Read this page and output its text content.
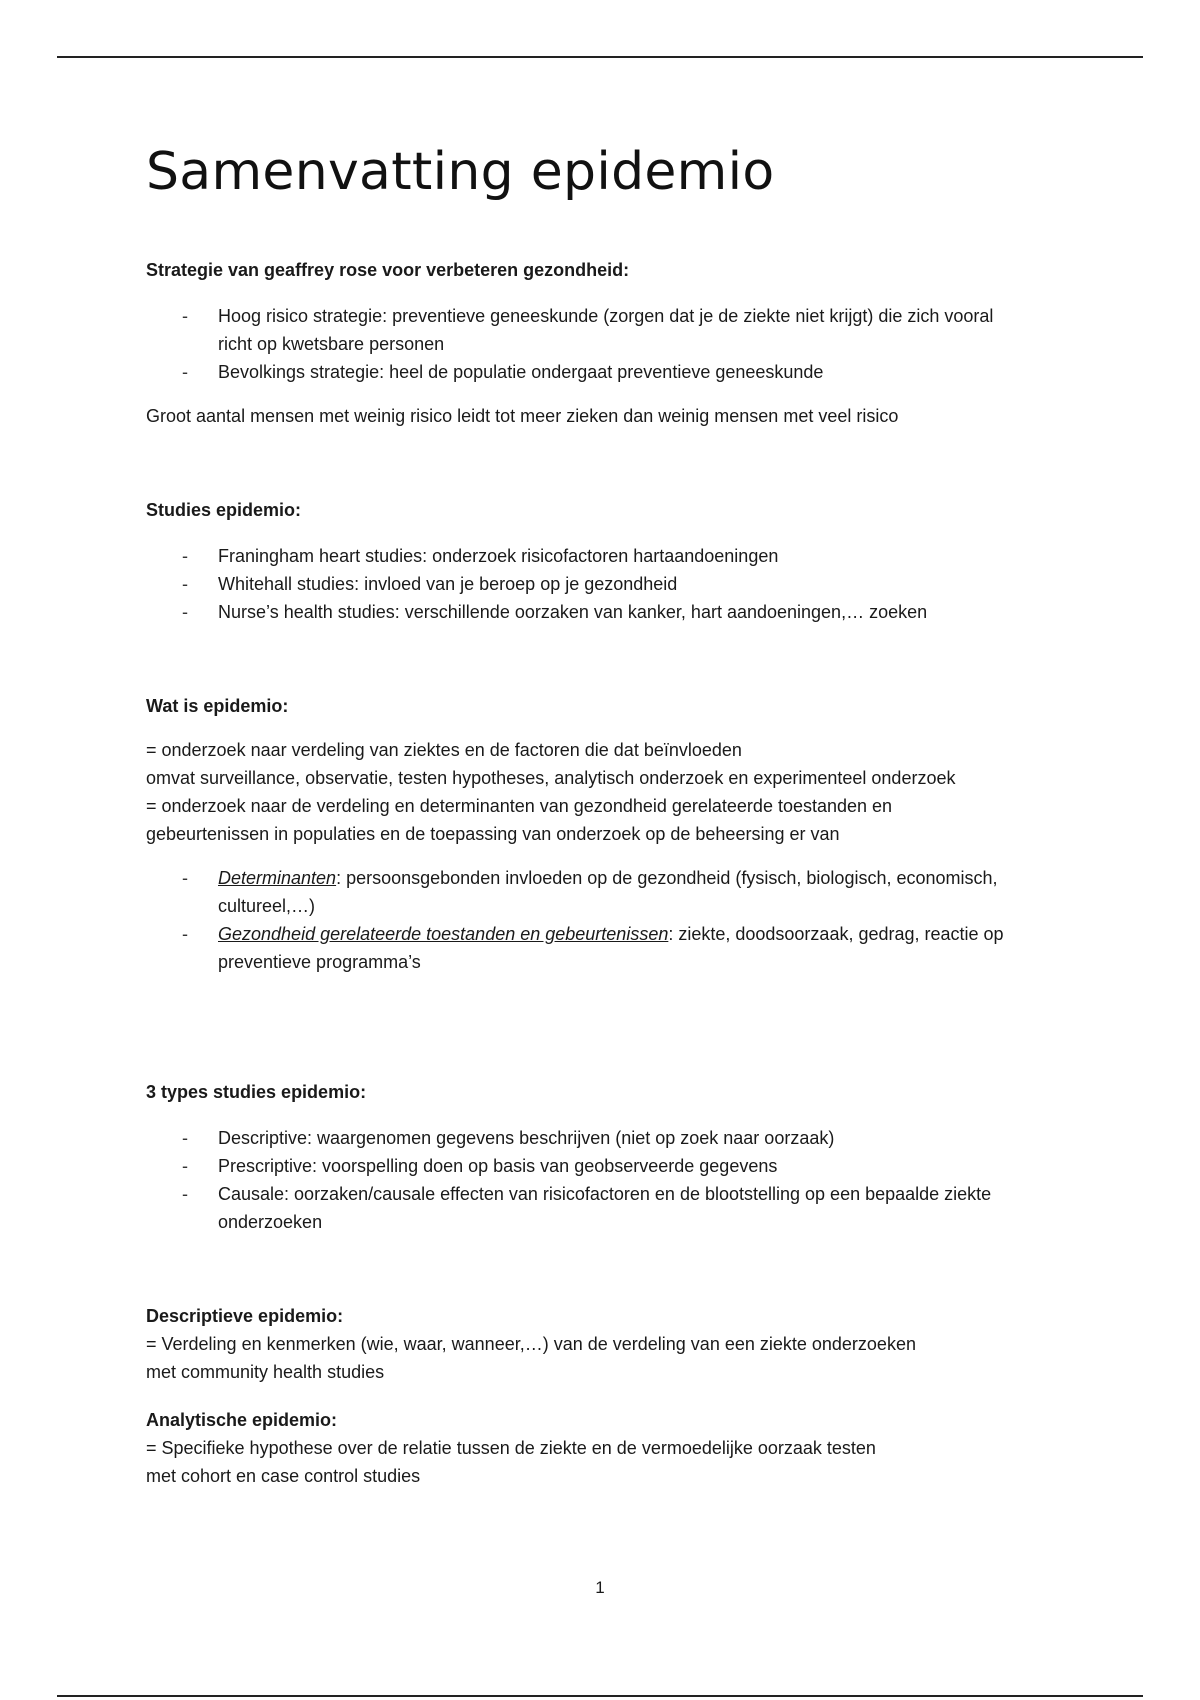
Samenvatting epidemio

Strategie van geaffrey rose voor verbeteren gezondheid:

- Hoog risico strategie: preventieve geneeskunde (zorgen dat je de ziekte niet krijgt) die zich vooral richt op kwetsbare personen
- Bevolkings strategie: heel de populatie ondergaat preventieve geneeskunde

Groot aantal mensen met weinig risico leidt tot meer zieken dan weinig mensen met veel risico

Studies epidemio:

- Franingham heart studies: onderzoek risicofactoren hartaandoeningen
- Whitehall studies: invloed van je beroep op je gezondheid
- Nurse’s health studies: verschillende oorzaken van kanker, hart aandoeningen,… zoeken

Wat is epidemio:

= onderzoek naar verdeling van ziektes en de factoren die dat beïnvloeden

omvat surveillance, observatie, testen hypotheses, analytisch onderzoek en experimenteel onderzoek

= onderzoek naar de verdeling en determinanten van gezondheid gerelateerde toestanden en gebeurtenissen in populaties en de toepassing van onderzoek op de beheersing er van

- Determinanten: persoonsgebonden invloeden op de gezondheid (fysisch, biologisch, economisch, cultureel,…)
- Gezondheid gerelateerde toestanden en gebeurtenissen: ziekte, doodsoorzaak, gedrag, reactie op preventieve programma’s

3 types studies epidemio:

- Descriptive: waargenomen gegevens beschrijven (niet op zoek naar oorzaak)
- Prescriptive: voorspelling doen op basis van geobserveerde gegevens
- Causale: oorzaken/causale effecten van risicofactoren en de blootstelling op een bepaalde ziekte onderzoeken

Descriptieve epidemio:

= Verdeling en kenmerken (wie, waar, wanneer,…) van de verdeling van een ziekte onderzoeken

met community health studies

Analytische epidemio:

= Specifieke hypothese over de relatie tussen de ziekte en de vermoedelijke oorzaak testen

met cohort en case control studies

1
